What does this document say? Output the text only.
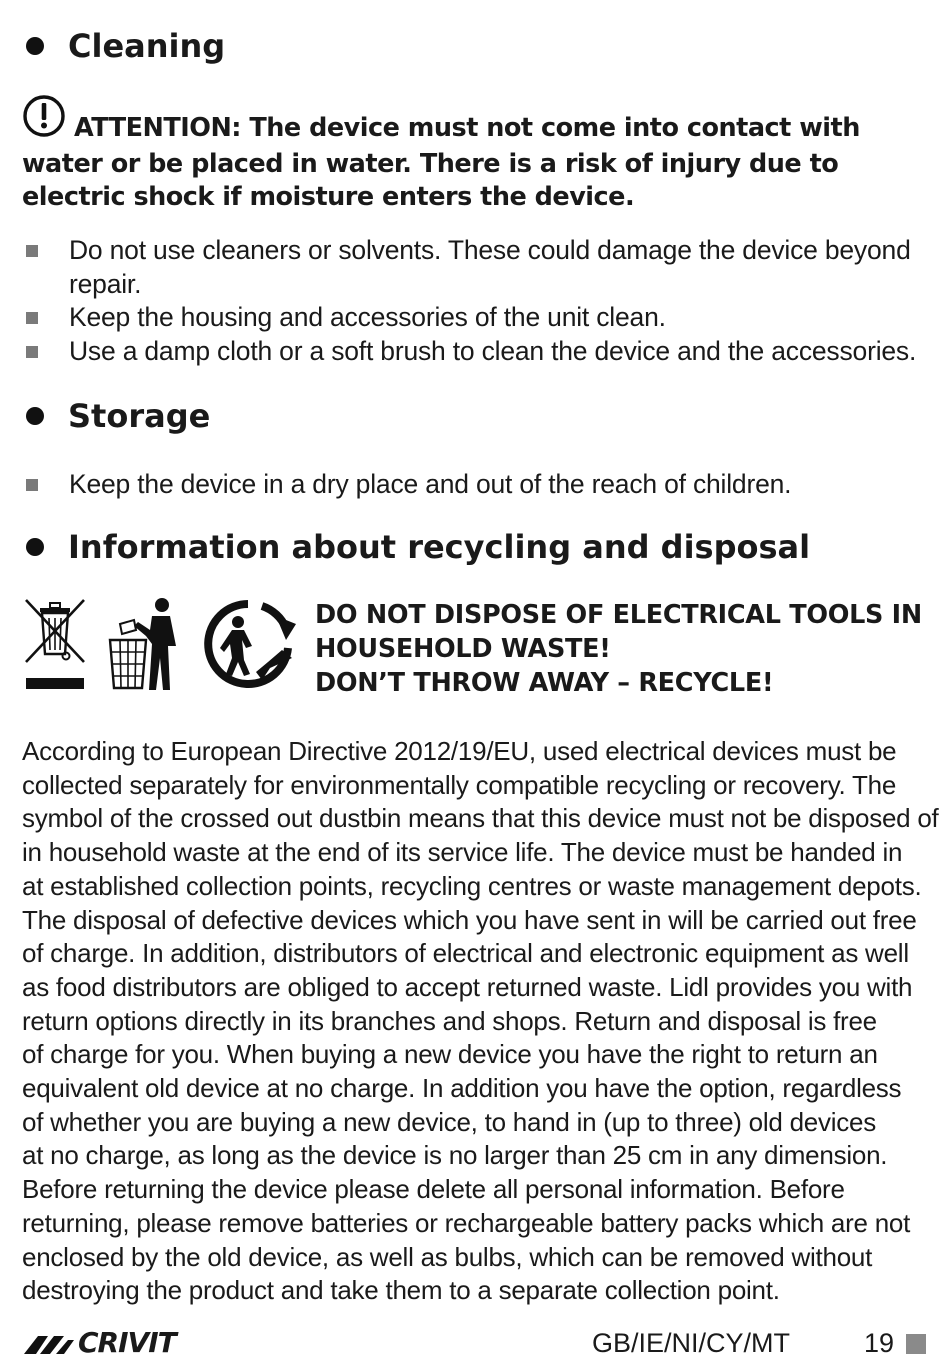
Cleaning
ATTENTION: The device must not come into contact with water or be placed in water. There is a risk of injury due to electric shock if moisture enters the device.
Do not use cleaners or solvents. These could damage the device beyond repair.
Keep the housing and accessories of the unit clean.
Use a damp cloth or a soft brush to clean the device and the accessories.
Storage
Keep the device in a dry place and out of the reach of children.
Information about recycling and disposal
DO NOT DISPOSE OF ELECTRICAL TOOLS IN
HOUSEHOLD WASTE!
DON’T THROW AWAY – RECYCLE!
According to European Directive 2012/19/EU, used electrical devices must be
collected separately for environmentally compatible recycling or recovery. The
symbol of the crossed out dustbin means that this device must not be disposed of
in household waste at the end of its service life. The device must be handed in
at established collection points, recycling centres or waste management depots.
The disposal of defective devices which you have sent in will be carried out free
of charge. In addition, distributors of electrical and electronic equipment as well
as food distributors are obliged to accept returned waste. Lidl provides you with
return options directly in its branches and shops. Return and disposal is free
of charge for you. When buying a new device you have the right to return an
equivalent old device at no charge. In addition you have the option, regardless
of whether you are buying a new device, to hand in (up to three) old devices
at no charge, as long as the device is no larger than 25 cm in any dimension.
Before returning the device please delete all personal information. Before
returning, please remove batteries or rechargeable battery packs which are not
enclosed by the old device, as well as bulbs, which can be removed without
destroying the product and take them to a separate collection point.
CRIVIT	GB/IE/NI/CY/MT	19
